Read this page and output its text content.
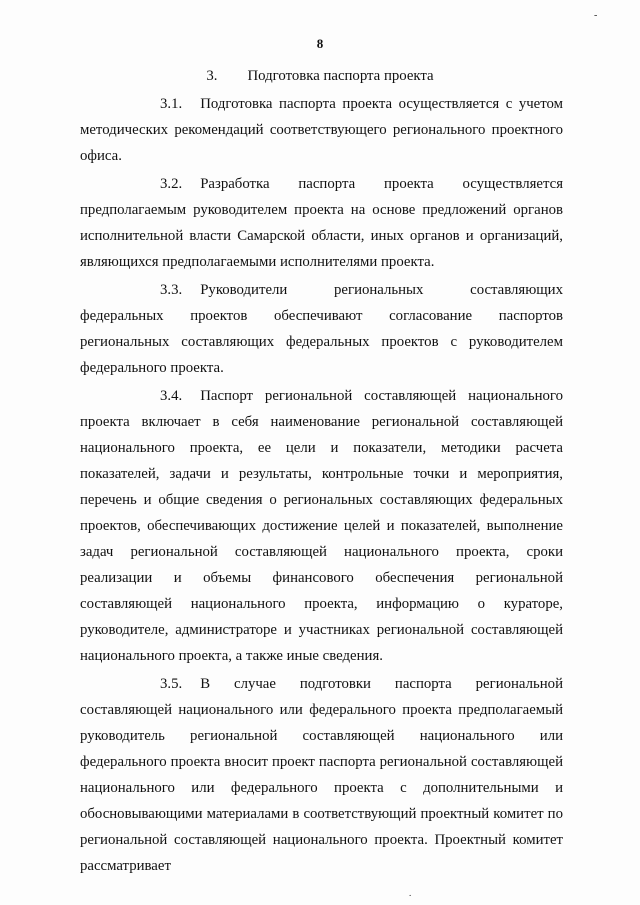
-
8
3. Подготовка паспорта проекта

3.1. Подготовка паспорта проекта осуществляется с учетом методических рекомендаций соответствующего регионального проектного офиса.

3.2. Разработка паспорта проекта осуществляется предполагаемым руководителем проекта на основе предложений органов исполнительной власти Самарской области, иных органов и организаций, являющихся предполагаемыми исполнителями проекта.

3.3. Руководители региональных составляющих федеральных проектов обеспечивают согласование паспортов региональных составляющих федеральных проектов с руководителем федерального проекта.

3.4. Паспорт региональной составляющей национального проекта включает в себя наименование региональной составляющей национального проекта, ее цели и показатели, методики расчета показателей, задачи и результаты, контрольные точки и мероприятия, перечень и общие сведения о региональных составляющих федеральных проектов, обеспечивающих достижение целей и показателей, выполнение задач региональной составляющей национального проекта, сроки реализации и объемы финансового обеспечения региональной составляющей национального проекта, информацию о кураторе, руководителе, администраторе и участниках региональной составляющей национального проекта, а также иные сведения.

3.5. В случае подготовки паспорта региональной составляющей национального или федерального проекта предполагаемый руководитель региональной составляющей национального или федерального проекта вносит проект паспорта региональной составляющей национального или федерального проекта с дополнительными и обосновывающими материалами в соответствующий проектный комитет по региональной составляющей национального проекта. Проектный комитет рассматривает

.
